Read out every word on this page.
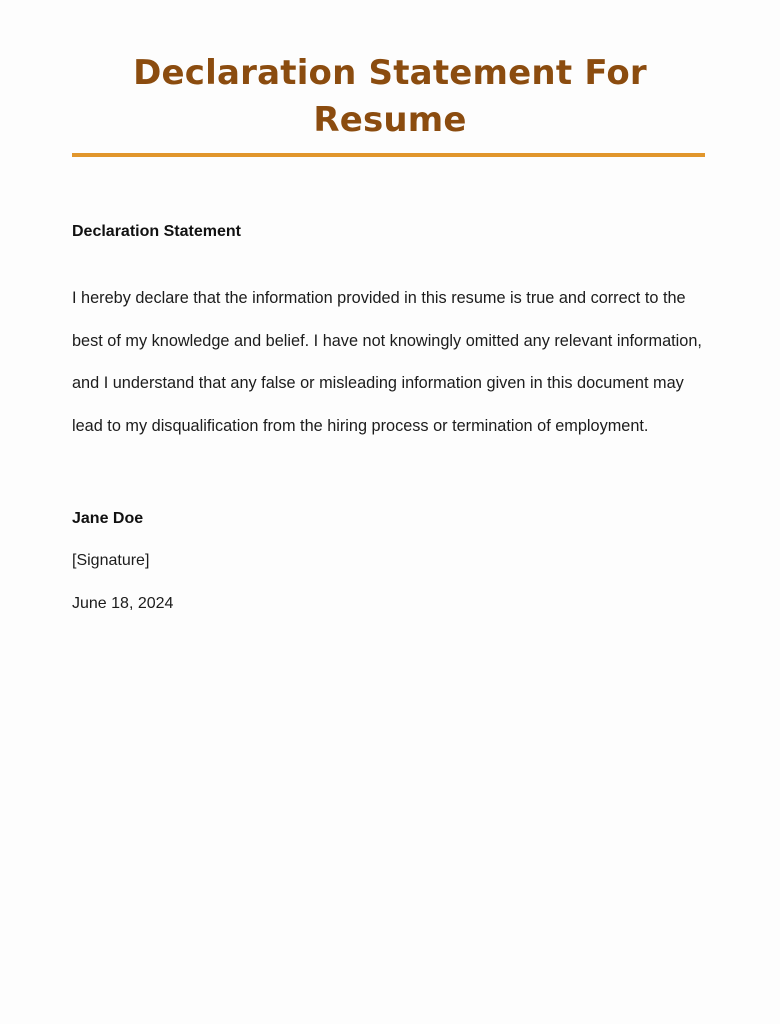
Declaration Statement For Resume
Declaration Statement

I hereby declare that the information provided in this resume is true and correct to the best of my knowledge and belief. I have not knowingly omitted any relevant information, and I understand that any false or misleading information given in this document may lead to my disqualification from the hiring process or termination of employment.

Jane Doe

[Signature]

June 18, 2024
